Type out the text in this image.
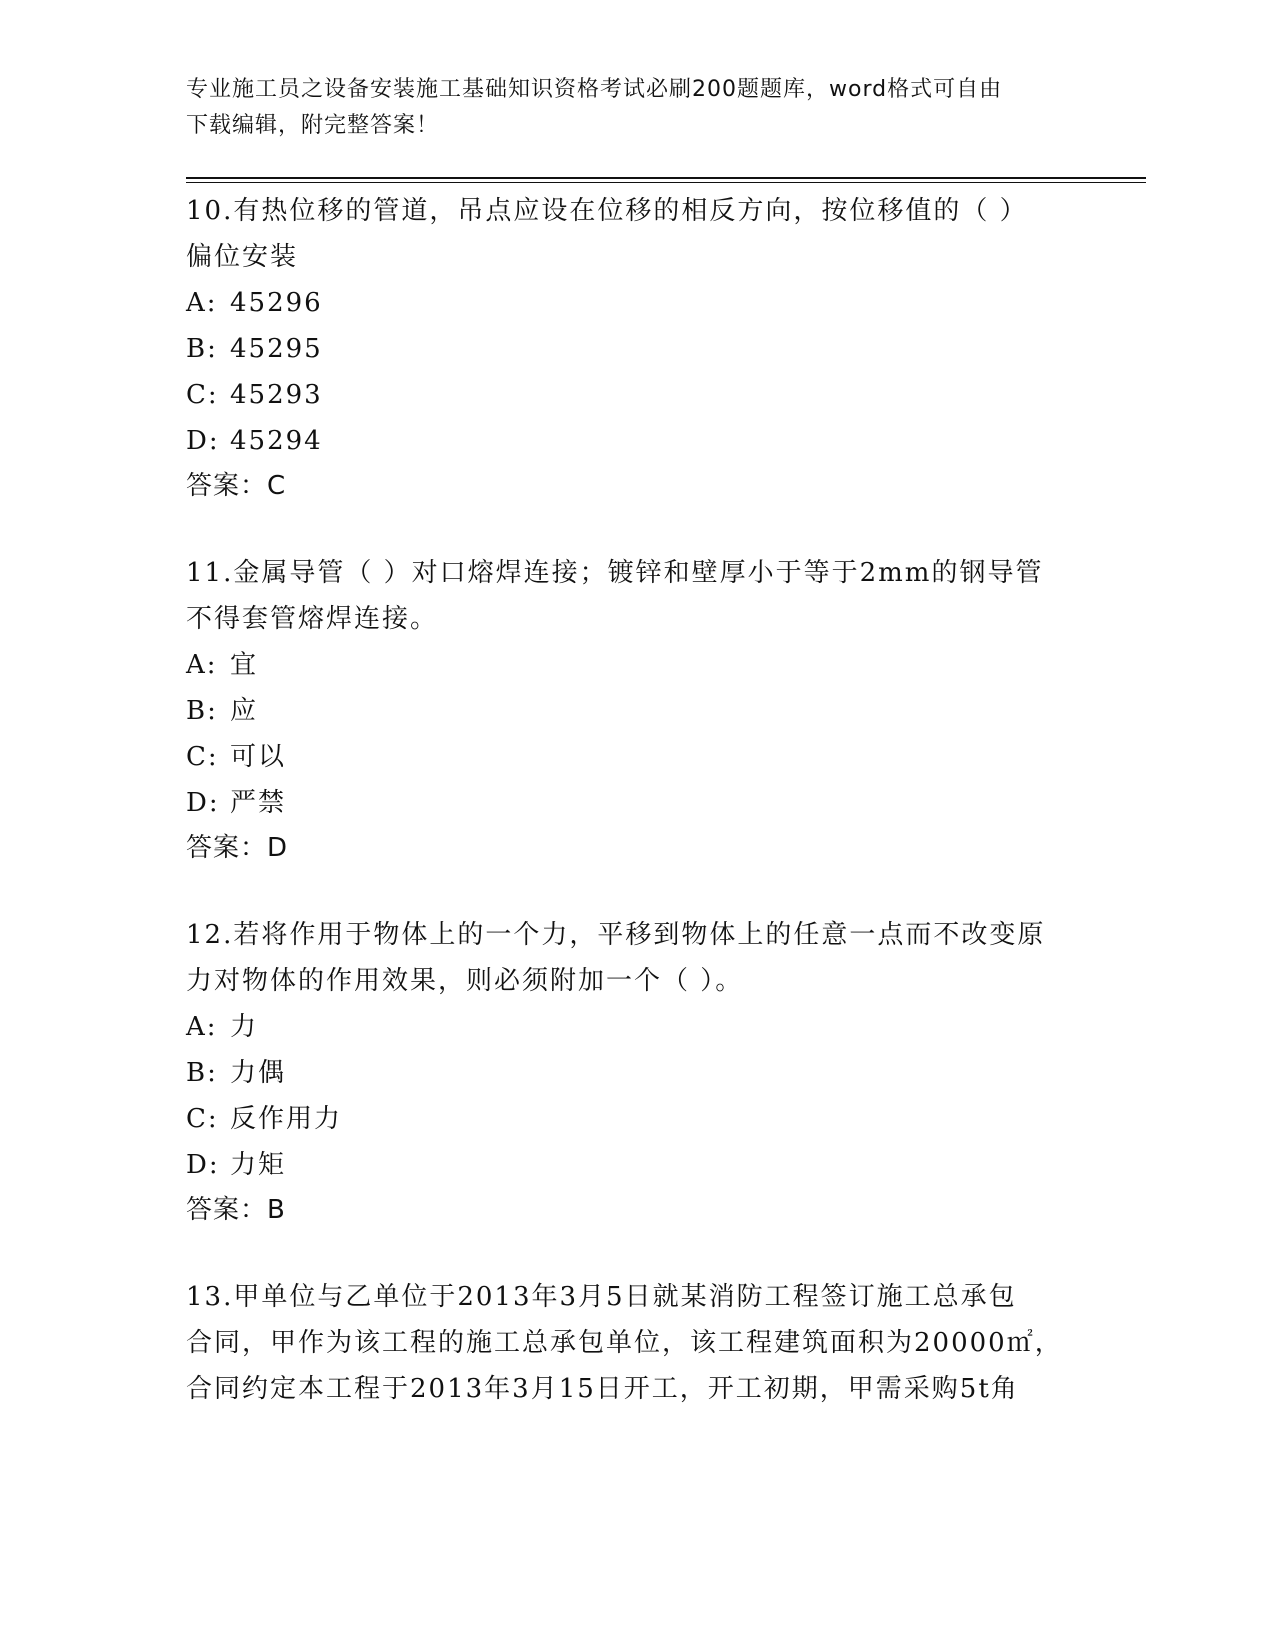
专业施工员之设备安装施工基础知识资格考试必刷200题题库，word格式可自由
下载编辑，附完整答案！
10.有热位移的管道，吊点应设在位移的相反方向，按位移值的（ ）
偏位安装
A: 45296
B: 45295
C: 45293
D: 45294
答案：C
11.金属导管（ ）对口熔焊连接；镀锌和壁厚小于等于2mm的钢导管
不得套管熔焊连接。
A: 宜
B: 应
C: 可以
D: 严禁
答案：D
12.若将作用于物体上的一个力，平移到物体上的任意一点而不改变原
力对物体的作用效果，则必须附加一个（ ）。
A: 力
B: 力偶
C: 反作用力
D: 力矩
答案：B
13.甲单位与乙单位于2013年3月5日就某消防工程签订施工总承包
合同，甲作为该工程的施工总承包单位，该工程建筑面积为20000㎡，
合同约定本工程于2013年3月15日开工，开工初期，甲需采购5t角
